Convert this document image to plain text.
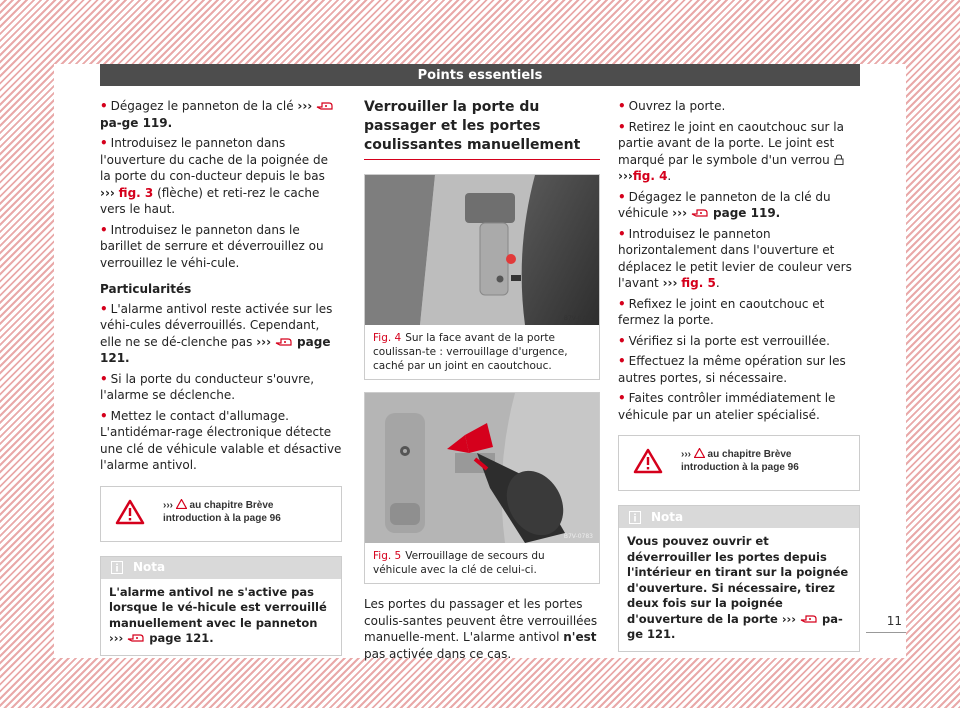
Points essentiels
• Dégagez le panneton de la clé ›››  pa-ge 119.
• Introduisez le panneton dans l'ouverture du cache de la poignée de la porte du con-ducteur depuis le bas ››› fig. 3 (flèche) et reti-rez le cache vers le haut.
• Introduisez le panneton dans le barillet de serrure et déverrouillez ou verrouillez le véhi-cule.
Particularités
• L'alarme antivol reste activée sur les véhi-cules déverrouillés. Cependant, elle ne se dé-clenche pas ›››  page 121.
• Si la porte du conducteur s'ouvre, l'alarme se déclenche.
• Mettez le contact d'allumage. L'antidémar-rage électronique détecte une clé de véhicule valable et désactive l'alarme antivol.
›››  au chapitre Brève introduction à la page 96
Nota
L'alarme antivol ne s'active pas lorsque le vé-hicule est verrouillé manuellement avec le panneton ›››  page 121.
Verrouiller la porte du passager et les portes coulissantes manuellement
B7V-0782
Fig. 4 Sur la face avant de la porte coulissan-te : verrouillage d'urgence, caché par un joint en caoutchouc.
B7V-0783
Fig. 5 Verrouillage de secours du véhicule avec la clé de celui-ci.
Les portes du passager et les portes coulis-santes peuvent être verrouillées manuelle-ment. L'alarme antivol n'est pas activée dans ce cas.
• Ouvrez la porte.
• Retirez le joint en caoutchouc sur la partie avant de la porte. Le joint est marqué par le symbole d'un verrou  ›››fig. 4.
• Dégagez le panneton de la clé du véhicule ›››  page 119.
• Introduisez le panneton horizontalement dans l'ouverture et déplacez le petit levier de couleur vers l'avant ››› fig. 5.
• Refixez le joint en caoutchouc et fermez la porte.
• Vérifiez si la porte est verrouillée.
• Effectuez la même opération sur les autres portes, si nécessaire.
• Faites contrôler immédiatement le véhicule par un atelier spécialisé.
›››  au chapitre Brève introduction à la page 96
Nota
Vous pouvez ouvrir et déverrouiller les portes depuis l'intérieur en tirant sur la poignée d'ouverture. Si nécessaire, tirez deux fois sur la poignée d'ouverture de la porte ›››  pa-ge 121.
11
